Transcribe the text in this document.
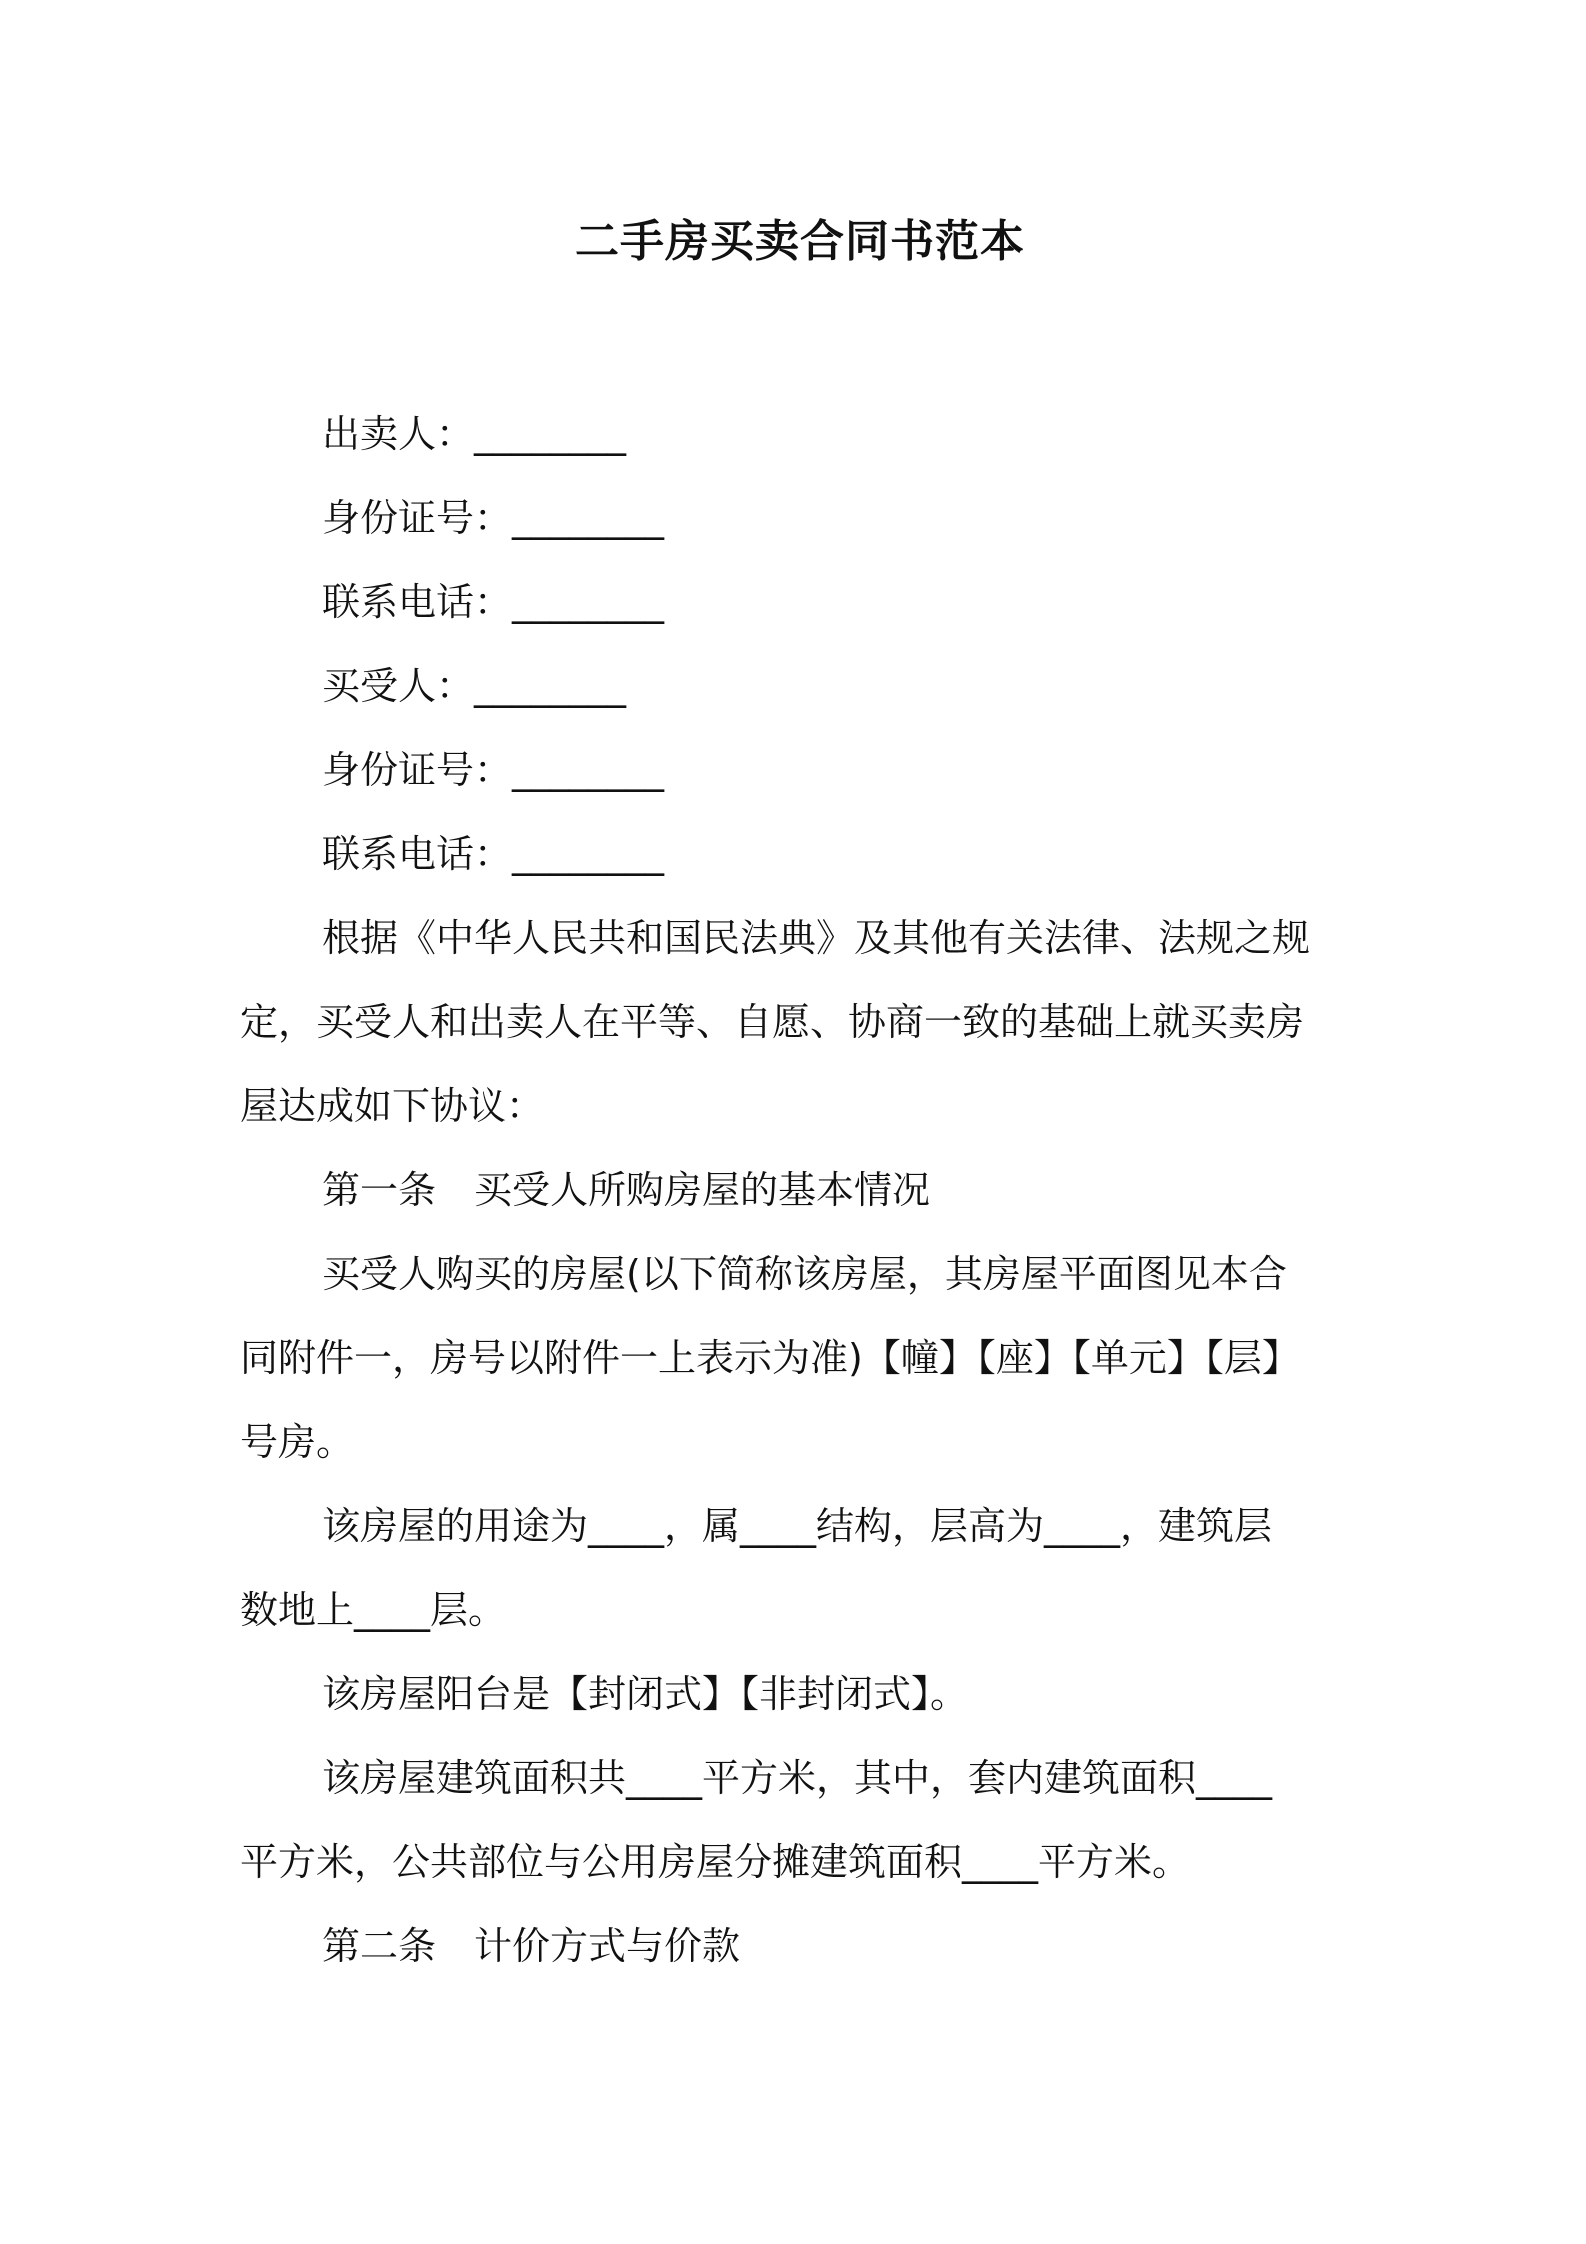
二手房买卖合同书范本
出卖人：________
身份证号：________
联系电话：________
买受人：________
身份证号：________
联系电话：________
根据《中华人民共和国民法典》及其他有关法律、法规之规
定，买受人和出卖人在平等、自愿、协商一致的基础上就买卖房
屋达成如下协议：
第一条　买受人所购房屋的基本情况
买受人购买的房屋(以下简称该房屋，其房屋平面图见本合
同附件一，房号以附件一上表示为准)【幢】【座】【单元】【层】
号房。
该房屋的用途为____，属____结构，层高为____，建筑层
数地上____层。
该房屋阳台是【封闭式】【非封闭式】。
该房屋建筑面积共____平方米，其中，套内建筑面积____
平方米，公共部位与公用房屋分摊建筑面积____平方米。
第二条　计价方式与价款
